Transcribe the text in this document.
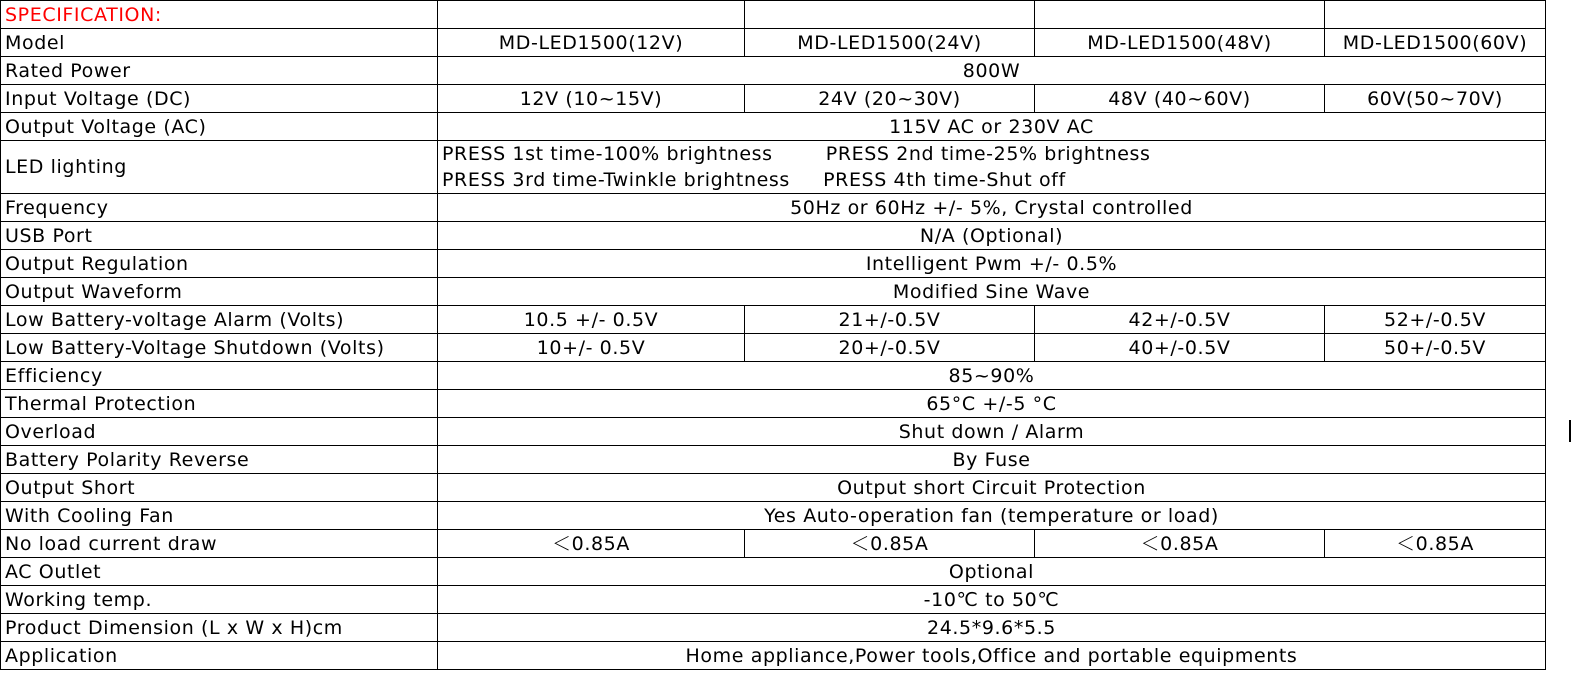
SPECIFICATION:				
Model	MD-LED1500(12V)	MD-LED1500(24V)	MD-LED1500(48V)	MD-LED1500(60V)
Rated Power	800W			
Input Voltage (DC)	12V (10~15V)	24V (20~30V)	48V (40~60V)	60V(50~70V)
Output Voltage (AC)	115V AC or 230V AC			
LED lighting	PRESS 1st time-100% brightness        PRESS 2nd time-25% brightness
PRESS 3rd time-Twinkle brightness     PRESS 4th time-Shut off			

Frequency	50Hz or 60Hz +/- 5%, Crystal controlled			
USB Port	N/A (Optional)			
Output Regulation	Intelligent Pwm +/- 0.5%			
Output Waveform	Modified Sine Wave			
Low Battery-voltage Alarm (Volts)	10.5 +/- 0.5V	21+/-0.5V	42+/-0.5V	52+/-0.5V
Low Battery-Voltage Shutdown (Volts)	10+/- 0.5V	20+/-0.5V	40+/-0.5V	50+/-0.5V
Efficiency	85~90%			
Thermal Protection	65°C +/-5 °C			
Overload	Shut down / Alarm			
Battery Polarity Reverse	By Fuse			
Output Short	Output short Circuit Protection			
With Cooling Fan	Yes Auto-operation fan (temperature or load)			
No load current draw	＜0.85A	＜0.85A	＜0.85A	＜0.85A
AC Outlet	Optional			
Working temp.	-10℃ to 50℃			
Product Dimension (L x W x H)cm	24.5*9.6*5.5			
Application	Home appliance,Power tools,Office and portable equipments			
